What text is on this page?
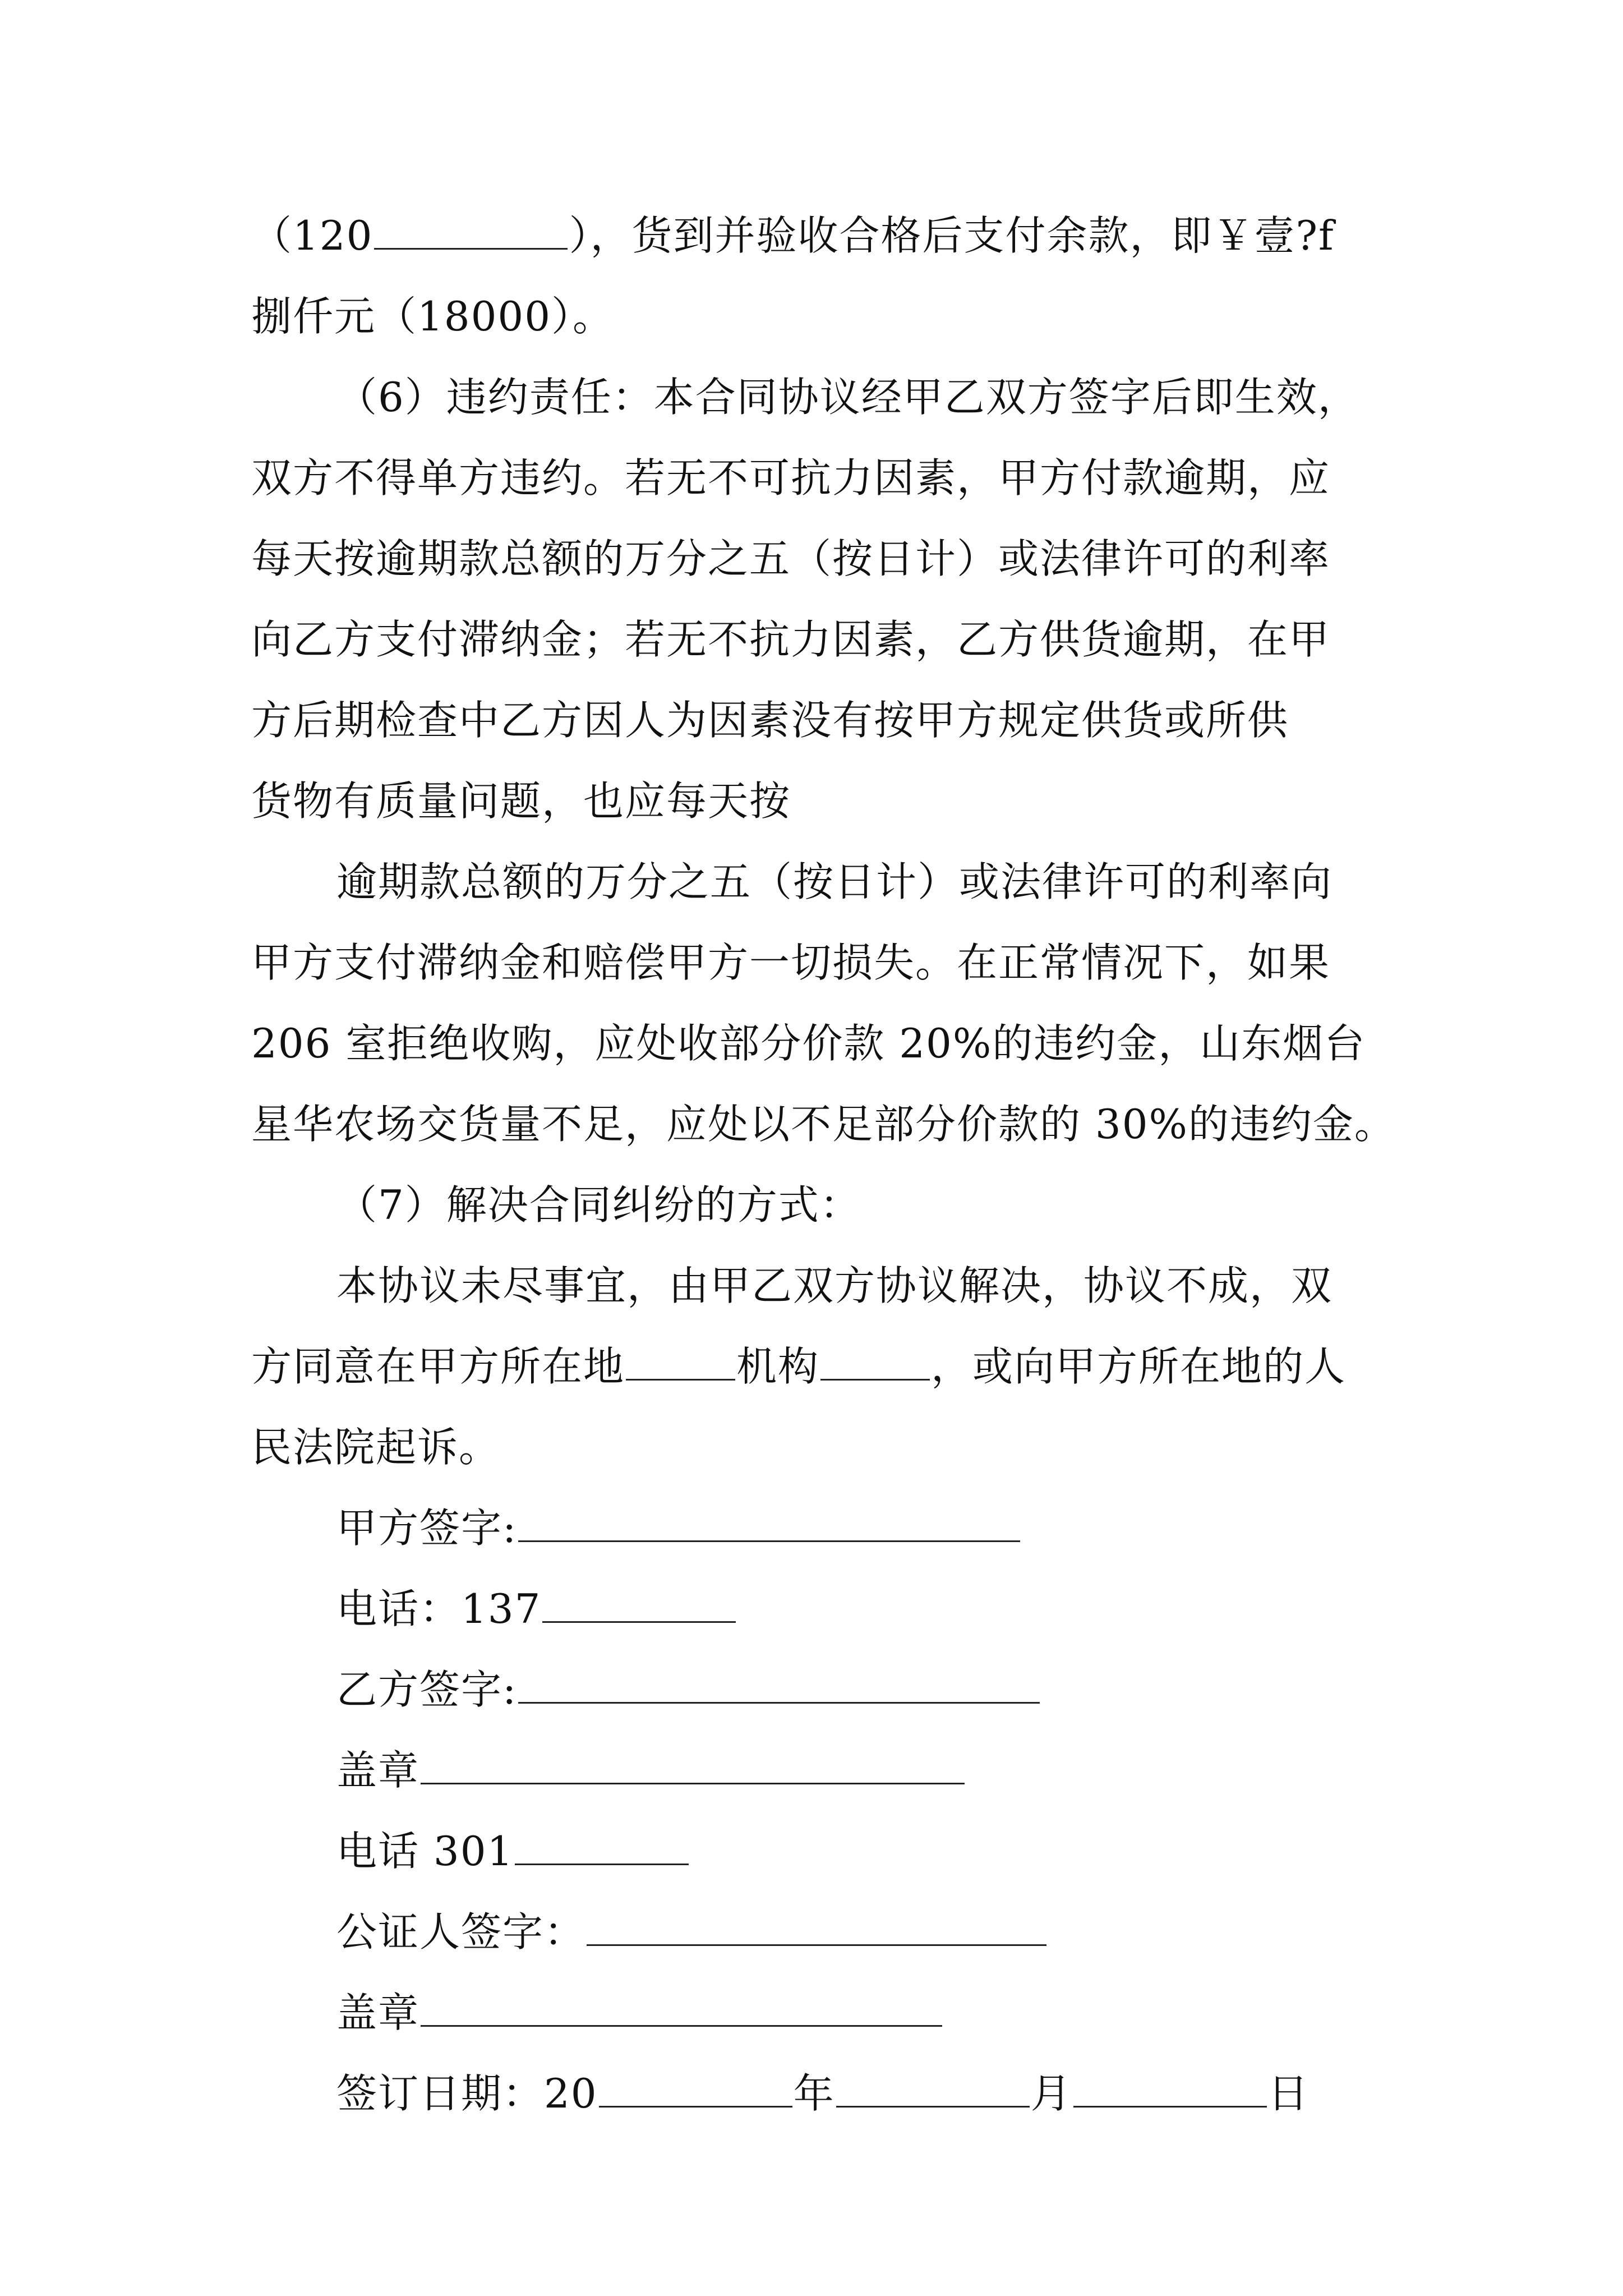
（120	），货到并验收合格后支付余款，即￥壹?f
捌仟元（18000）。
（6）违约责任：本合同协议经甲乙双方签字后即生效，
双方不得单方违约。若无不可抗力因素，甲方付款逾期，应
每天按逾期款总额的万分之五（按日计）或法律许可的利率
向乙方支付滞纳金；若无不抗力因素，乙方供货逾期，在甲
方后期检查中乙方因人为因素没有按甲方规定供货或所供
货物有质量问题，也应每天按
逾期款总额的万分之五（按日计）或法律许可的利率向
甲方支付滞纳金和赔偿甲方一切损失。在正常情况下，如果
206 室拒绝收购，应处收部分价款 20%的违约金，山东烟台
星华农场交货量不足，应处以不足部分价款的 30%的违约金。
（7）解决合同纠纷的方式：
本协议未尽事宜，由甲乙双方协议解决，协议不成，双
方同意在甲方所在地	机构	，或向甲方所在地的人
民法院起诉。
甲方签字:
电话：137
乙方签字:
盖章
电话 301
公证人签字：
盖章
签订日期：20	年	月	日
